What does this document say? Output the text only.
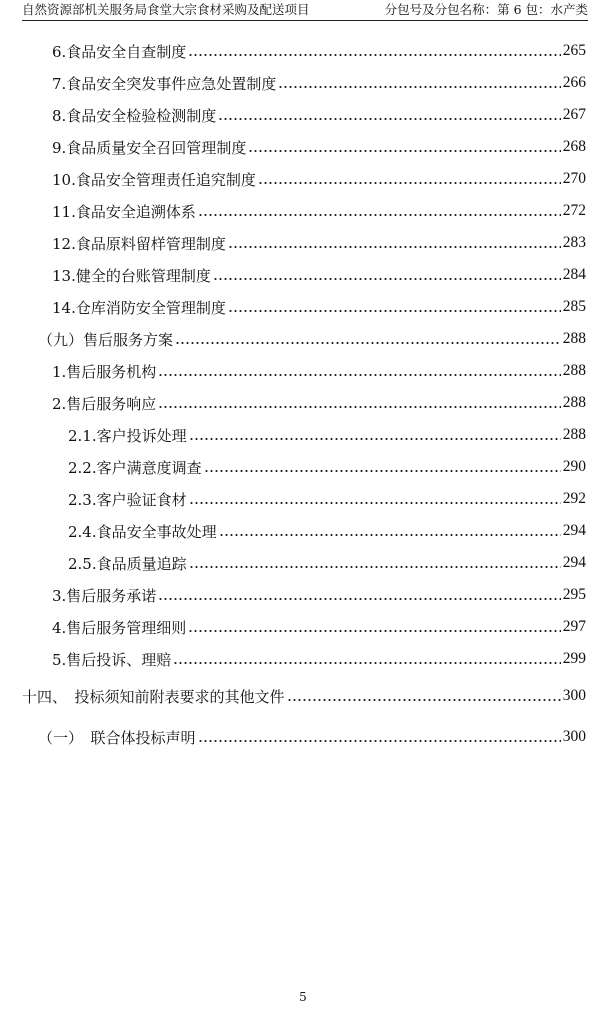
自然资源部机关服务局食堂大宗食材采购及配送项目	分包号及分包名称：第 6 包：水产类
6.食品安全自查制度	265
7.食品安全突发事件应急处置制度	266
8.食品安全检验检测制度	267
9.食品质量安全召回管理制度	268
10.食品安全管理责任追究制度	270
11.食品安全追溯体系	272
12.食品原料留样管理制度	283
13.健全的台账管理制度	284
14.仓库消防安全管理制度	285
（九）售后服务方案	288
1.售后服务机构	288
2.售后服务响应	288
2.1.客户投诉处理	288
2.2.客户满意度调查	290
2.3.客户验证食材	292
2.4.食品安全事故处理	294
2.5.食品质量追踪	294
3.售后服务承诺	295
4.售后服务管理细则	297
5.售后投诉、理赔	299
十四、　投标须知前附表要求的其他文件	300
（一）　联合体投标声明	300
5
